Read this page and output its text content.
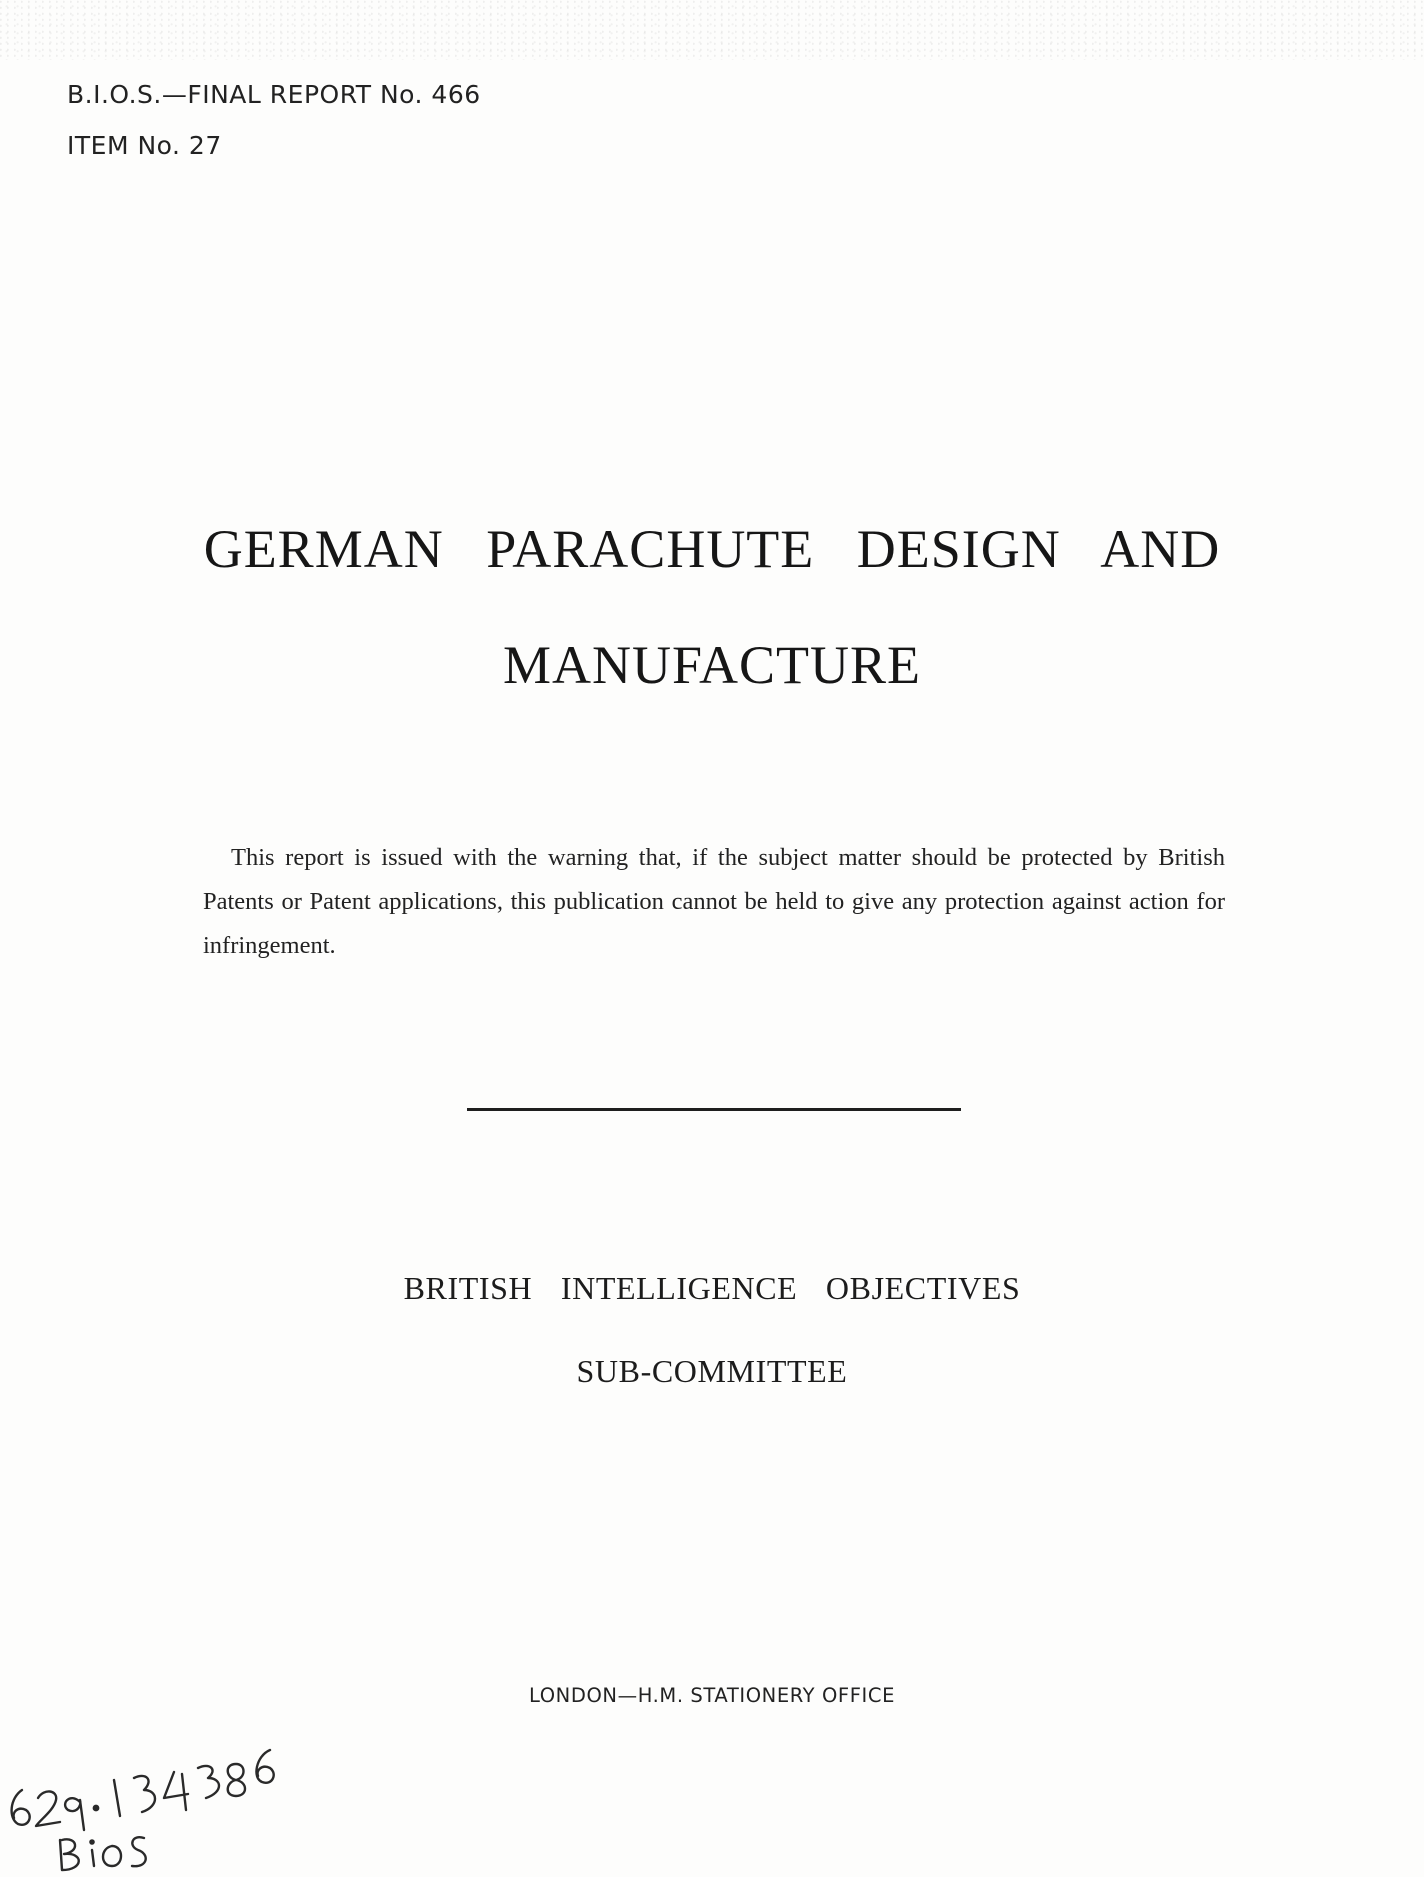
B.I.O.S.—FINAL REPORT No. 466
ITEM No. 27
GERMAN PARACHUTE DESIGN AND
MANUFACTURE
This report is issued with the warning that, if the subject matter should be protected by British Patents or Patent applications, this publication cannot be held to give any protection against action for infringement.
BRITISH INTELLIGENCE OBJECTIVES
SUB-COMMITTEE
LONDON—H.M. STATIONERY OFFICE
